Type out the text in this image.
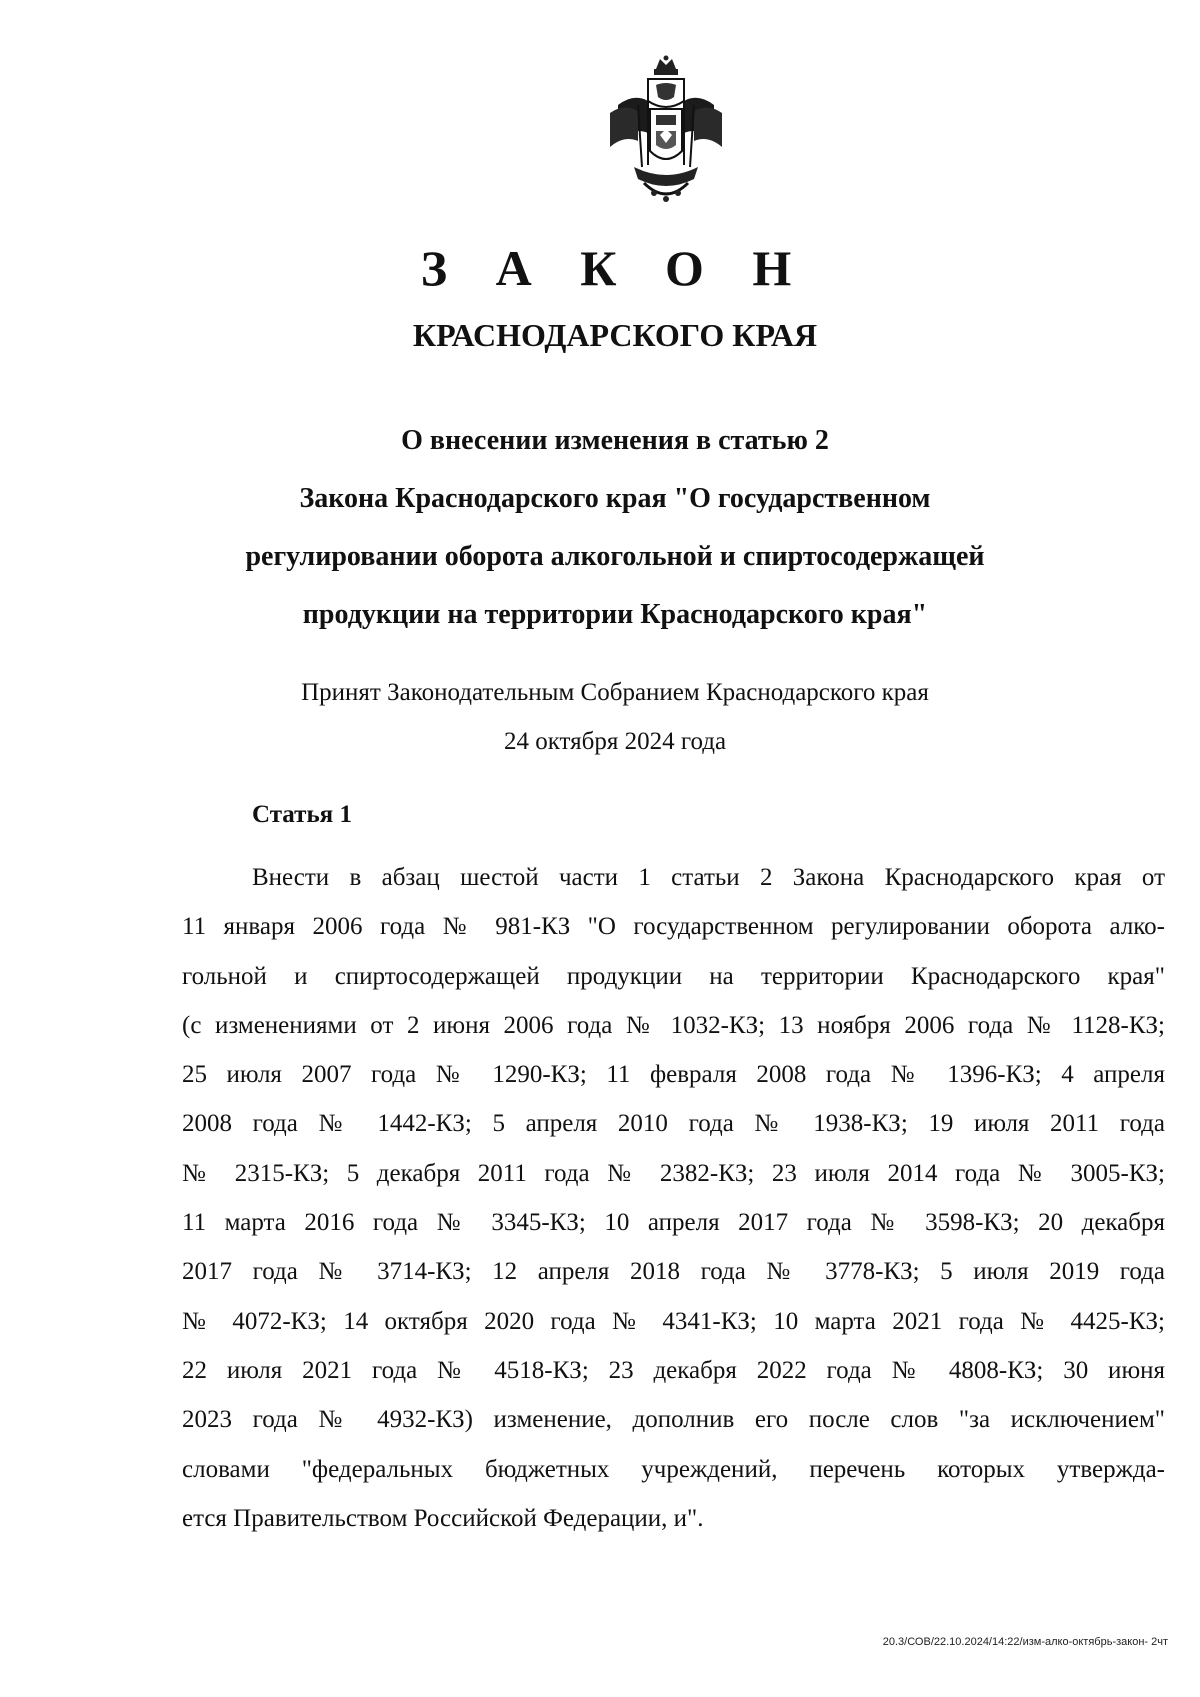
З А К О Н
КРАСНОДАРСКОГО КРАЯ
О внесении изменения в статью 2
Закона Краснодарского края "О государственном
регулировании оборота алкогольной и спиртосодержащей
продукции на территории Краснодарского края"
Принят Законодательным Собранием Краснодарского края
24 октября 2024 года
Статья 1
Внести в абзац шестой части 1 статьи 2 Закона Краснодарского края от
11 января 2006 года № 981-КЗ "О государственном регулировании оборота алко-
гольной и спиртосодержащей продукции на территории Краснодарского края"
(с изменениями от 2 июня 2006 года № 1032-КЗ; 13 ноября 2006 года № 1128-КЗ;
25 июля 2007 года № 1290-КЗ; 11 февраля 2008 года № 1396-КЗ; 4 апреля
2008 года № 1442-КЗ; 5 апреля 2010 года № 1938-КЗ; 19 июля 2011 года
№ 2315-КЗ; 5 декабря 2011 года № 2382-КЗ; 23 июля 2014 года № 3005-КЗ;
11 марта 2016 года № 3345-КЗ; 10 апреля 2017 года № 3598-КЗ; 20 декабря
2017 года № 3714-КЗ; 12 апреля 2018 года № 3778-КЗ; 5 июля 2019 года
№ 4072-КЗ; 14 октября 2020 года № 4341-КЗ; 10 марта 2021 года № 4425-КЗ;
22 июля 2021 года № 4518-КЗ; 23 декабря 2022 года № 4808-КЗ; 30 июня
2023 года № 4932-КЗ) изменение, дополнив его после слов "за исключением"
словами "федеральных бюджетных учреждений, перечень которых утвержда-
ется Правительством Российской Федерации, и".
20.3/СОВ/22.10.2024/14:22/изм-алко-октябрь-закон- 2чт
